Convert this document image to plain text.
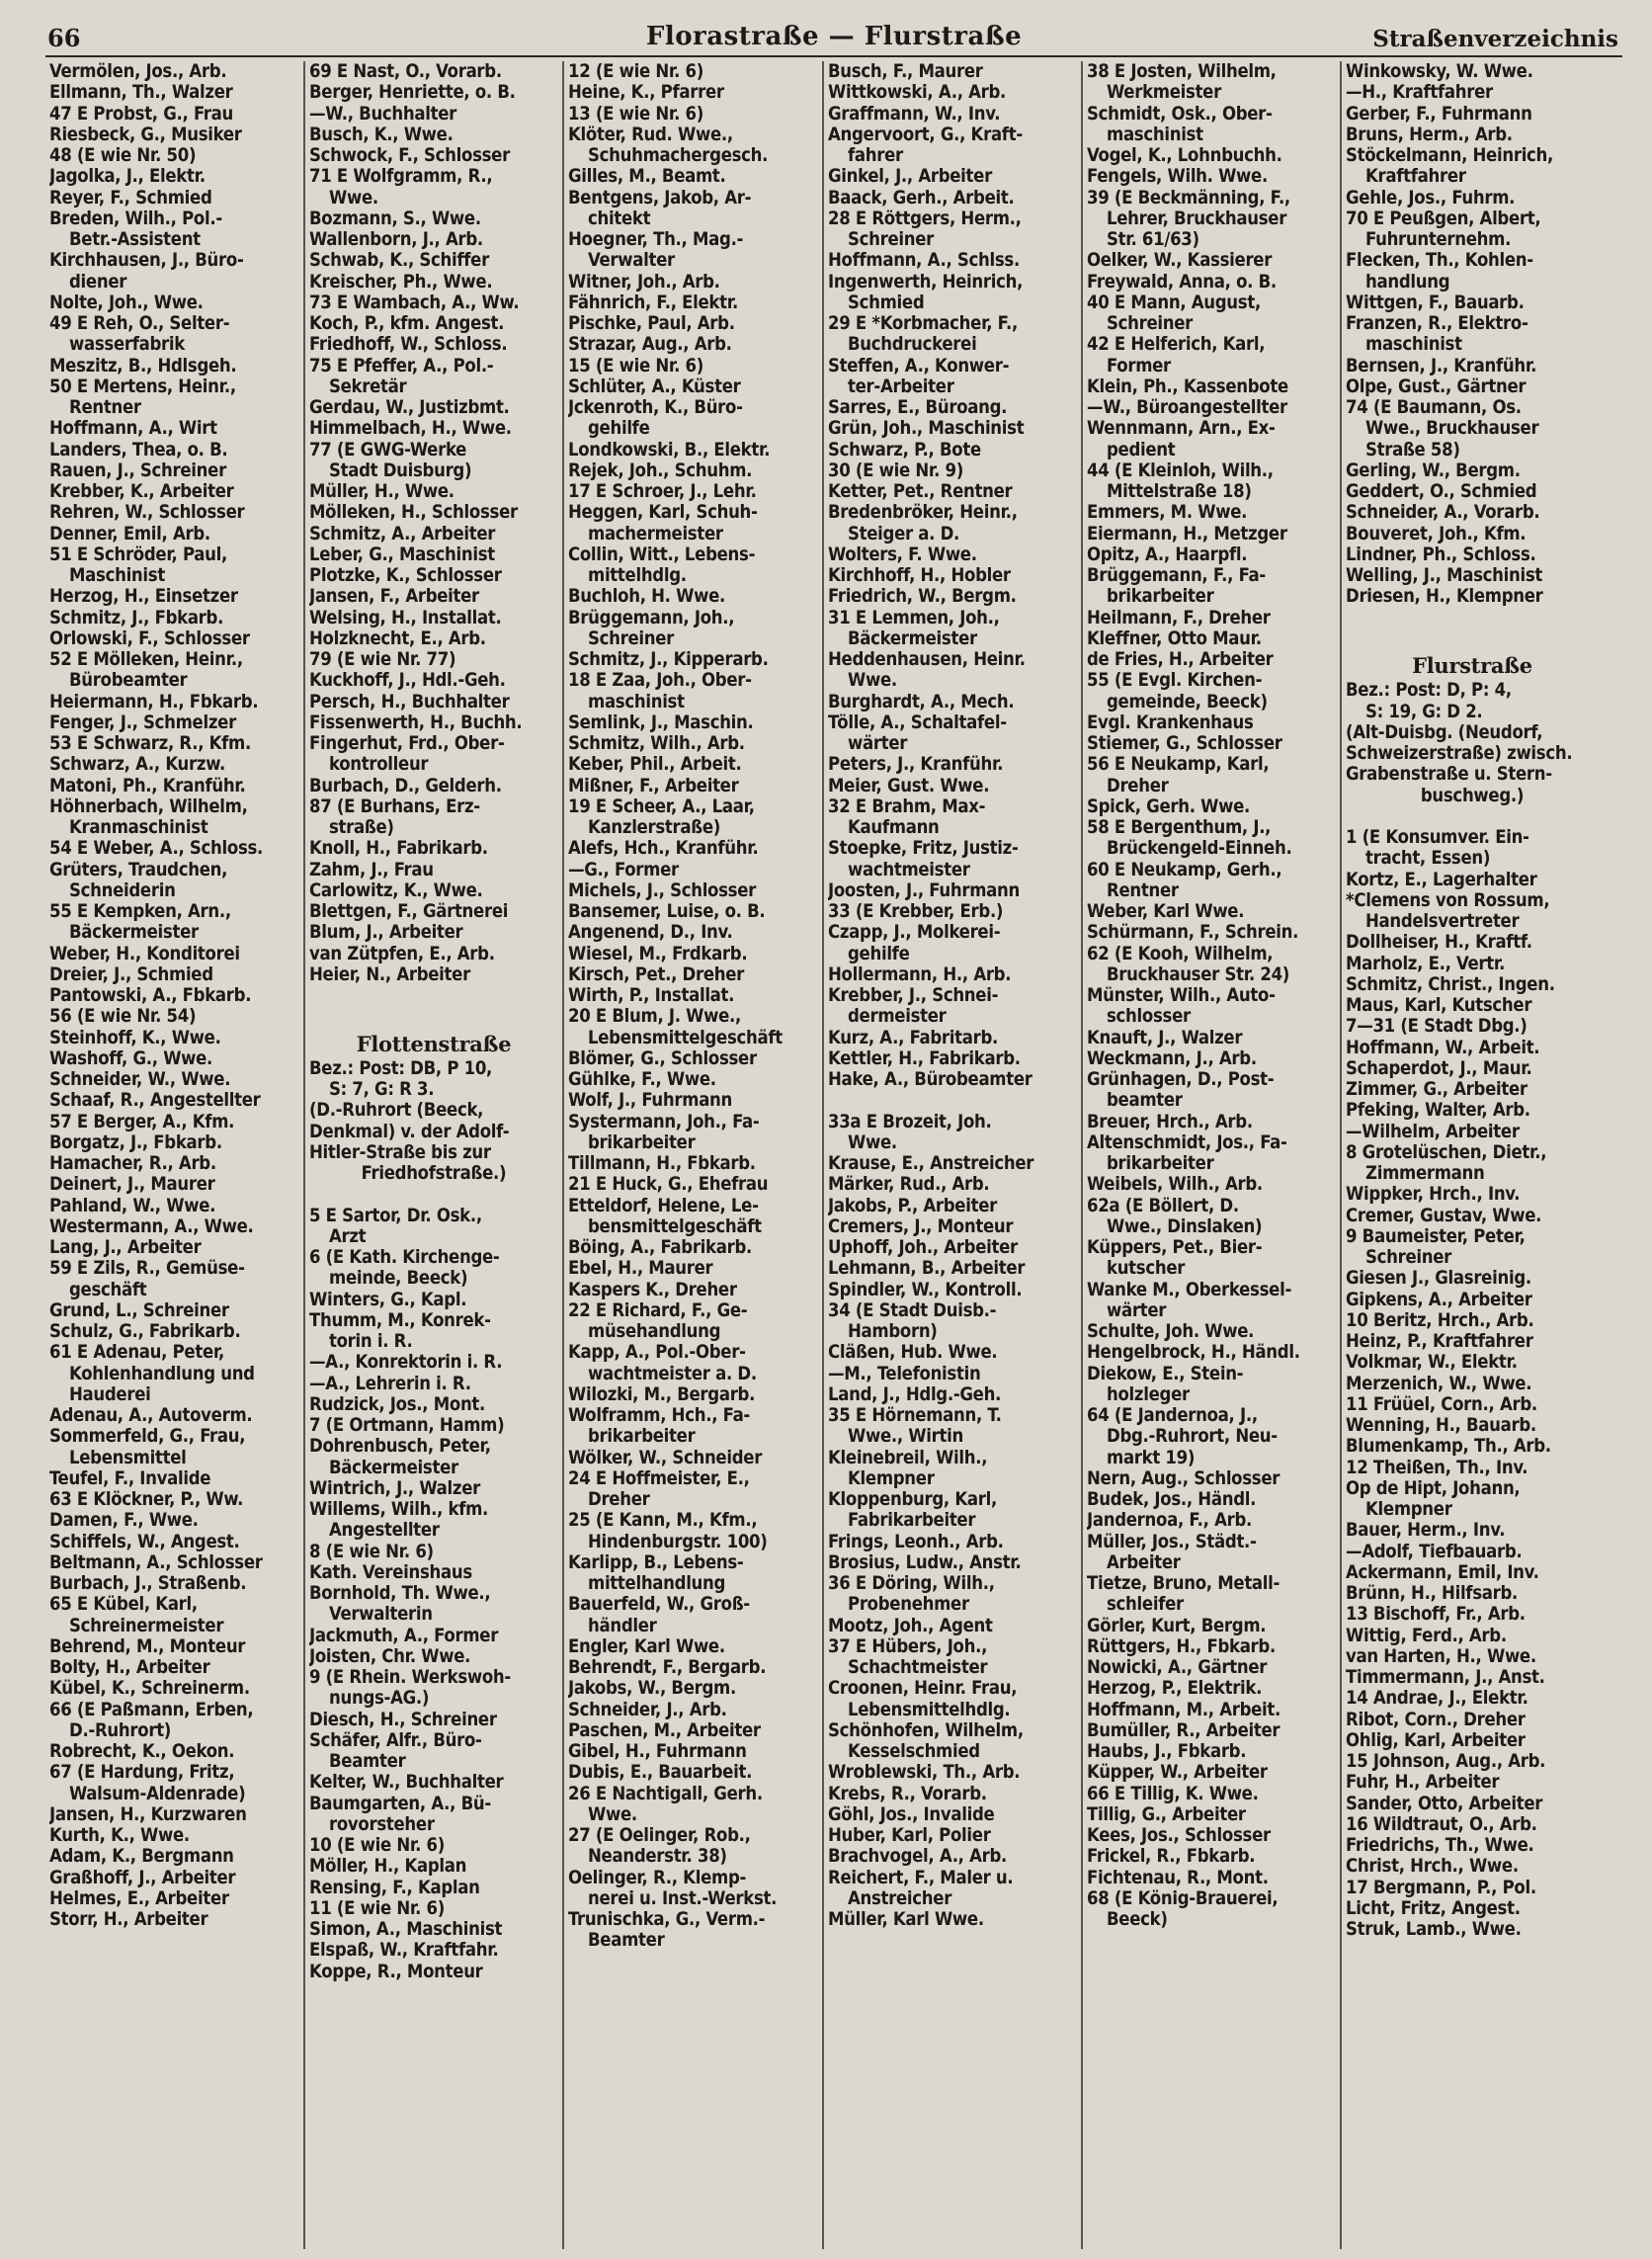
66	Florastraße — Flurstraße	Straßenverzeichnis
Vermölen, Jos., Arb.
Ellmann, Th., Walzer
47 E Probst, G., Frau
Riesbeck, G., Musiker
48 (E wie Nr. 50)
Jagolka, J., Elektr.
Reyer, F., Schmied
Breden, Wilh., Pol.-
Betr.-Assistent
Kirchhausen, J., Büro-
diener
Nolte, Joh., Wwe.
49 E Reh, O., Selter-
wasserfabrik
Meszitz, B., Hdlsgeh.
50 E Mertens, Heinr.,
Rentner
Hoffmann, A., Wirt
Landers, Thea, o. B.
Rauen, J., Schreiner
Krebber, K., Arbeiter
Rehren, W., Schlosser
Denner, Emil, Arb.
51 E Schröder, Paul,
Maschinist
Herzog, H., Einsetzer
Schmitz, J., Fbkarb.
Orlowski, F., Schlosser
52 E Mölleken, Heinr.,
Bürobeamter
Heiermann, H., Fbkarb.
Fenger, J., Schmelzer
53 E Schwarz, R., Kfm.
Schwarz, A., Kurzw.
Matoni, Ph., Kranführ.
Höhnerbach, Wilhelm,
Kranmaschinist
54 E Weber, A., Schloss.
Grüters, Traudchen,
Schneiderin
55 E Kempken, Arn.,
Bäckermeister
Weber, H., Konditorei
Dreier, J., Schmied
Pantowski, A., Fbkarb.
56 (E wie Nr. 54)
Steinhoff, K., Wwe.
Washoff, G., Wwe.
Schneider, W., Wwe.
Schaaf, R., Angestellter
57 E Berger, A., Kfm.
Borgatz, J., Fbkarb.
Hamacher, R., Arb.
Deinert, J., Maurer
Pahland, W., Wwe.
Westermann, A., Wwe.
Lang, J., Arbeiter
59 E Zils, R., Gemüse-
geschäft
Grund, L., Schreiner
Schulz, G., Fabrikarb.
61 E Adenau, Peter,
Kohlenhandlung und
Hauderei
Adenau, A., Autoverm.
Sommerfeld, G., Frau,
Lebensmittel
Teufel, F., Invalide
63 E Klöckner, P., Ww.
Damen, F., Wwe.
Schiffels, W., Angest.
Beltmann, A., Schlosser
Burbach, J., Straßenb.
65 E Kübel, Karl,
Schreinermeister
Behrend, M., Monteur
Bolty, H., Arbeiter
Kübel, K., Schreinerm.
66 (E Paßmann, Erben,
D.-Ruhrort)
Robrecht, K., Oekon.
67 (E Hardung, Fritz,
Walsum-Aldenrade)
Jansen, H., Kurzwaren
Kurth, K., Wwe.
Adam, K., Bergmann
Graßhoff, J., Arbeiter
Helmes, E., Arbeiter
Storr, H., Arbeiter
69 E Nast, O., Vorarb.
Berger, Henriette, o. B.
—W., Buchhalter
Busch, K., Wwe.
Schwock, F., Schlosser
71 E Wolfgramm, R.,
Wwe.
Bozmann, S., Wwe.
Wallenborn, J., Arb.
Schwab, K., Schiffer
Kreischer, Ph., Wwe.
73 E Wambach, A., Ww.
Koch, P., kfm. Angest.
Friedhoff, W., Schloss.
75 E Pfeffer, A., Pol.-
Sekretär
Gerdau, W., Justizbmt.
Himmelbach, H., Wwe.
77 (E GWG-Werke
Stadt Duisburg)
Müller, H., Wwe.
Mölleken, H., Schlosser
Schmitz, A., Arbeiter
Leber, G., Maschinist
Plotzke, K., Schlosser
Jansen, F., Arbeiter
Welsing, H., Installat.
Holzknecht, E., Arb.
79 (E wie Nr. 77)
Kuckhoff, J., Hdl.-Geh.
Persch, H., Buchhalter
Fissenwerth, H., Buchh.
Fingerhut, Frd., Ober-
kontrolleur
Burbach, D., Gelderh.
87 (E Burhans, Erz-
straße)
Knoll, H., Fabrikarb.
Zahm, J., Frau
Carlowitz, K., Wwe.
Blettgen, F., Gärtnerei
Blum, J., Arbeiter
van Zütpfen, E., Arb.
Heier, N., Arbeiter
Flottenstraße
Bez.: Post: DB, P 10,
S: 7, G: R 3.
(D.-Ruhrort (Beeck,
Denkmal) v. der Adolf-
Hitler-Straße bis zur
Friedhofstraße.)
5 E Sartor, Dr. Osk.,
Arzt
6 (E Kath. Kirchenge-
meinde, Beeck)
Winters, G., Kapl.
Thumm, M., Konrek-
torin i. R.
—A., Konrektorin i. R.
—A., Lehrerin i. R.
Rudzick, Jos., Mont.
7 (E Ortmann, Hamm)
Dohrenbusch, Peter,
Bäckermeister
Wintrich, J., Walzer
Willems, Wilh., kfm.
Angestellter
8 (E wie Nr. 6)
Kath. Vereinshaus
Bornhold, Th. Wwe.,
Verwalterin
Jackmuth, A., Former
Joisten, Chr. Wwe.
9 (E Rhein. Werkswoh-
nungs-AG.)
Diesch, H., Schreiner
Schäfer, Alfr., Büro-
Beamter
Kelter, W., Buchhalter
Baumgarten, A., Bü-
rovorsteher
10 (E wie Nr. 6)
Möller, H., Kaplan
Rensing, F., Kaplan
11 (E wie Nr. 6)
Simon, A., Maschinist
Elspaß, W., Kraftfahr.
Koppe, R., Monteur
12 (E wie Nr. 6)
Heine, K., Pfarrer
13 (E wie Nr. 6)
Klöter, Rud. Wwe.,
Schuhmachergesch.
Gilles, M., Beamt.
Bentgens, Jakob, Ar-
chitekt
Hoegner, Th., Mag.-
Verwalter
Witner, Joh., Arb.
Fähnrich, F., Elektr.
Pischke, Paul, Arb.
Strazar, Aug., Arb.
15 (E wie Nr. 6)
Schlüter, A., Küster
Jckenroth, K., Büro-
gehilfe
Londkowski, B., Elektr.
Rejek, Joh., Schuhm.
17 E Schroer, J., Lehr.
Heggen, Karl, Schuh-
machermeister
Collin, Witt., Lebens-
mittelhdlg.
Buchloh, H. Wwe.
Brüggemann, Joh.,
Schreiner
Schmitz, J., Kipperarb.
18 E Zaa, Joh., Ober-
maschinist
Semlink, J., Maschin.
Schmitz, Wilh., Arb.
Keber, Phil., Arbeit.
Mißner, F., Arbeiter
19 E Scheer, A., Laar,
Kanzlerstraße)
Alefs, Hch., Kranführ.
—G., Former
Michels, J., Schlosser
Bansemer, Luise, o. B.
Angenend, D., Inv.
Wiesel, M., Frdkarb.
Kirsch, Pet., Dreher
Wirth, P., Installat.
20 E Blum, J. Wwe.,
Lebensmittelgeschäft
Blömer, G., Schlosser
Gühlke, F., Wwe.
Wolf, J., Fuhrmann
Systermann, Joh., Fa-
brikarbeiter
Tillmann, H., Fbkarb.
21 E Huck, G., Ehefrau
Etteldorf, Helene, Le-
bensmittelgeschäft
Böing, A., Fabrikarb.
Ebel, H., Maurer
Kaspers K., Dreher
22 E Richard, F., Ge-
müsehandlung
Kapp, A., Pol.-Ober-
wachtmeister a. D.
Wilozki, M., Bergarb.
Wolframm, Hch., Fa-
brikarbeiter
Wölker, W., Schneider
24 E Hoffmeister, E.,
Dreher
25 (E Kann, M., Kfm.,
Hindenburgstr. 100)
Karlipp, B., Lebens-
mittelhandlung
Bauerfeld, W., Groß-
händler
Engler, Karl Wwe.
Behrendt, F., Bergarb.
Jakobs, W., Bergm.
Schneider, J., Arb.
Paschen, M., Arbeiter
Gibel, H., Fuhrmann
Dubis, E., Bauarbeit.
26 E Nachtigall, Gerh.
Wwe.
27 (E Oelinger, Rob.,
Neanderstr. 38)
Oelinger, R., Klemp-
nerei u. Inst.-Werkst.
Trunischka, G., Verm.-
Beamter
Busch, F., Maurer
Wittkowski, A., Arb.
Graffmann, W., Inv.
Angervoort, G., Kraft-
fahrer
Ginkel, J., Arbeiter
Baack, Gerh., Arbeit.
28 E Röttgers, Herm.,
Schreiner
Hoffmann, A., Schlss.
Ingenwerth, Heinrich,
Schmied
29 E *Korbmacher, F.,
Buchdruckerei
Steffen, A., Konwer-
ter-Arbeiter
Sarres, E., Büroang.
Grün, Joh., Maschinist
Schwarz, P., Bote
30 (E wie Nr. 9)
Ketter, Pet., Rentner
Bredenbröker, Heinr.,
Steiger a. D.
Wolters, F. Wwe.
Kirchhoff, H., Hobler
Friedrich, W., Bergm.
31 E Lemmen, Joh.,
Bäckermeister
Heddenhausen, Heinr.
Wwe.
Burghardt, A., Mech.
Tölle, A., Schaltafel-
wärter
Peters, J., Kranführ.
Meier, Gust. Wwe.
32 E Brahm, Max-
Kaufmann
Stoepke, Fritz, Justiz-
wachtmeister
Joosten, J., Fuhrmann
33 (E Krebber, Erb.)
Czapp, J., Molkerei-
gehilfe
Hollermann, H., Arb.
Krebber, J., Schnei-
dermeister
Kurz, A., Fabritarb.
Kettler, H., Fabrikarb.
Hake, A., Bürobeamter
33a E Brozeit, Joh.
Wwe.
Krause, E., Anstreicher
Märker, Rud., Arb.
Jakobs, P., Arbeiter
Cremers, J., Monteur
Uphoff, Joh., Arbeiter
Lehmann, B., Arbeiter
Spindler, W., Kontroll.
34 (E Stadt Duisb.-
Hamborn)
Cläßen, Hub. Wwe.
—M., Telefonistin
Land, J., Hdlg.-Geh.
35 E Hörnemann, T.
Wwe., Wirtin
Kleinebreil, Wilh.,
Klempner
Kloppenburg, Karl,
Fabrikarbeiter
Frings, Leonh., Arb.
Brosius, Ludw., Anstr.
36 E Döring, Wilh.,
Probenehmer
Mootz, Joh., Agent
37 E Hübers, Joh.,
Schachtmeister
Croonen, Heinr. Frau,
Lebensmittelhdlg.
Schönhofen, Wilhelm,
Kesselschmied
Wroblewski, Th., Arb.
Krebs, R., Vorarb.
Göhl, Jos., Invalide
Huber, Karl, Polier
Brachvogel, A., Arb.
Reichert, F., Maler u.
Anstreicher
Müller, Karl Wwe.
38 E Josten, Wilhelm,
Werkmeister
Schmidt, Osk., Ober-
maschinist
Vogel, K., Lohnbuchh.
Fengels, Wilh. Wwe.
39 (E Beckmänning, F.,
Lehrer, Bruckhauser
Str. 61/63)
Oelker, W., Kassierer
Freywald, Anna, o. B.
40 E Mann, August,
Schreiner
42 E Helferich, Karl,
Former
Klein, Ph., Kassenbote
—W., Büroangestellter
Wennmann, Arn., Ex-
pedient
44 (E Kleinloh, Wilh.,
Mittelstraße 18)
Emmers, M. Wwe.
Eiermann, H., Metzger
Opitz, A., Haarpfl.
Brüggemann, F., Fa-
brikarbeiter
Heilmann, F., Dreher
Kleffner, Otto Maur.
de Fries, H., Arbeiter
55 (E Evgl. Kirchen-
gemeinde, Beeck)
Evgl. Krankenhaus
Stiemer, G., Schlosser
56 E Neukamp, Karl,
Dreher
Spick, Gerh. Wwe.
58 E Bergenthum, J.,
Brückengeld-Einneh.
60 E Neukamp, Gerh.,
Rentner
Weber, Karl Wwe.
Schürmann, F., Schrein.
62 (E Kooh, Wilhelm,
Bruckhauser Str. 24)
Münster, Wilh., Auto-
schlosser
Knauft, J., Walzer
Weckmann, J., Arb.
Grünhagen, D., Post-
beamter
Breuer, Hrch., Arb.
Altenschmidt, Jos., Fa-
brikarbeiter
Weibels, Wilh., Arb.
62a (E Böllert, D.
Wwe., Dinslaken)
Küppers, Pet., Bier-
kutscher
Wanke M., Oberkessel-
wärter
Schulte, Joh. Wwe.
Hengelbrock, H., Händl.
Diekow, E., Stein-
holzleger
64 (E Jandernoa, J.,
Dbg.-Ruhrort, Neu-
markt 19)
Nern, Aug., Schlosser
Budek, Jos., Händl.
Jandernoa, F., Arb.
Müller, Jos., Städt.-
Arbeiter
Tietze, Bruno, Metall-
schleifer
Görler, Kurt, Bergm.
Rüttgers, H., Fbkarb.
Nowicki, A., Gärtner
Herzog, P., Elektrik.
Hoffmann, M., Arbeit.
Bumüller, R., Arbeiter
Haubs, J., Fbkarb.
Küpper, W., Arbeiter
66 E Tillig, K. Wwe.
Tillig, G., Arbeiter
Kees, Jos., Schlosser
Frickel, R., Fbkarb.
Fichtenau, R., Mont.
68 (E König-Brauerei,
Beeck)
Winkowsky, W. Wwe.
—H., Kraftfahrer
Gerber, F., Fuhrmann
Bruns, Herm., Arb.
Stöckelmann, Heinrich,
Kraftfahrer
Gehle, Jos., Fuhrm.
70 E Peußgen, Albert,
Fuhrunternehm.
Flecken, Th., Kohlen-
handlung
Wittgen, F., Bauarb.
Franzen, R., Elektro-
maschinist
Bernsen, J., Kranführ.
Olpe, Gust., Gärtner
74 (E Baumann, Os.
Wwe., Bruckhauser
Straße 58)
Gerling, W., Bergm.
Geddert, O., Schmied
Schneider, A., Vorarb.
Bouveret, Joh., Kfm.
Lindner, Ph., Schloss.
Welling, J., Maschinist
Driesen, H., Klempner
Flurstraße
Bez.: Post: D, P: 4,
S: 19, G: D 2.
(Alt-Duisbg. (Neudorf,
Schweizerstraße) zwisch.
Grabenstraße u. Stern-
buschweg.)
1 (E Konsumver. Ein-
tracht, Essen)
Kortz, E., Lagerhalter
*Clemens von Rossum,
Handelsvertreter
Dollheiser, H., Kraftf.
Marholz, E., Vertr.
Schmitz, Christ., Ingen.
Maus, Karl, Kutscher
7—31 (E Stadt Dbg.)
Hoffmann, W., Arbeit.
Schaperdot, J., Maur.
Zimmer, G., Arbeiter
Pfeking, Walter, Arb.
—Wilhelm, Arbeiter
8 Grotelüschen, Dietr.,
Zimmermann
Wippker, Hrch., Inv.
Cremer, Gustav, Wwe.
9 Baumeister, Peter,
Schreiner
Giesen J., Glasreinig.
Gipkens, A., Arbeiter
10 Beritz, Hrch., Arb.
Heinz, P., Kraftfahrer
Volkmar, W., Elektr.
Merzenich, W., Wwe.
11 Früüel, Corn., Arb.
Wenning, H., Bauarb.
Blumenkamp, Th., Arb.
12 Theißen, Th., Inv.
Op de Hipt, Johann,
Klempner
Bauer, Herm., Inv.
—Adolf, Tiefbauarb.
Ackermann, Emil, Inv.
Brünn, H., Hilfsarb.
13 Bischoff, Fr., Arb.
Wittig, Ferd., Arb.
van Harten, H., Wwe.
Timmermann, J., Anst.
14 Andrae, J., Elektr.
Ribot, Corn., Dreher
Ohlig, Karl, Arbeiter
15 Johnson, Aug., Arb.
Fuhr, H., Arbeiter
Sander, Otto, Arbeiter
16 Wildtraut, O., Arb.
Friedrichs, Th., Wwe.
Christ, Hrch., Wwe.
17 Bergmann, P., Pol.
Licht, Fritz, Angest.
Struk, Lamb., Wwe.
